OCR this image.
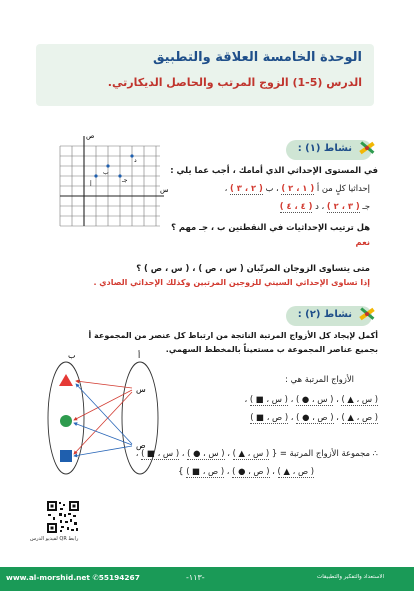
الوحدة الخامسة العلاقة والتطبيق
الدرس (5-1) الزوج المرتب والحاصل الديكارتي.
نشاط (١) :
ص
س
أ
ب
جـ
د
في المستوى الإحداثي الذي أمامك ، أجب عما يلي :
إحداثيا كلٍ من أ ( ١ ، ٢ ) ، ب ( ٢ ، ٣ ) ،
جـ ( ٣ ، ٢ ) ، د ( ٤ ، ٤ )
هل ترتيب الإحداثيات في النقطتين ب ، جـ مهم ؟
نعم
متى يتساوى الزوجان المرتّبان ( س ، ص ) ، ( س ، ص ) ؟
إذا تساوى الإحداثي السيني للزوجين المرتبين وكذلك الإحداثي الصادي .
نشاط (٢) :
أكمل لإيجاد كل الأزواج المرتبة الناتجة من ارتباط كل عنصر من المجموعة أ
بجميع عناصر المجموعة ب مستعيناً بالمخطط السهمي.
ب	أ
س
ص
الأزواج المرتبة هي :
( س ، ▲ ) ، ( س ، ● ) ، ( س ، ■ ) ،
( ص ، ▲ ) ، ( ص ، ● ) ، ( ص ، ■ )
∴ مجموعة الأزواج المرتبة = { ( س ، ▲ ) ، ( س ، ● ) ، ( س ، ■ ) ،
( ص ، ▲ ) ، ( ص ، ● ) ، ( ص ، ■ ) }
رابط QR لفيديو الدرس
www.al-morshid.net ✆55194267	-١١٣-	الاستعداد والتفكير والتطبيقات
